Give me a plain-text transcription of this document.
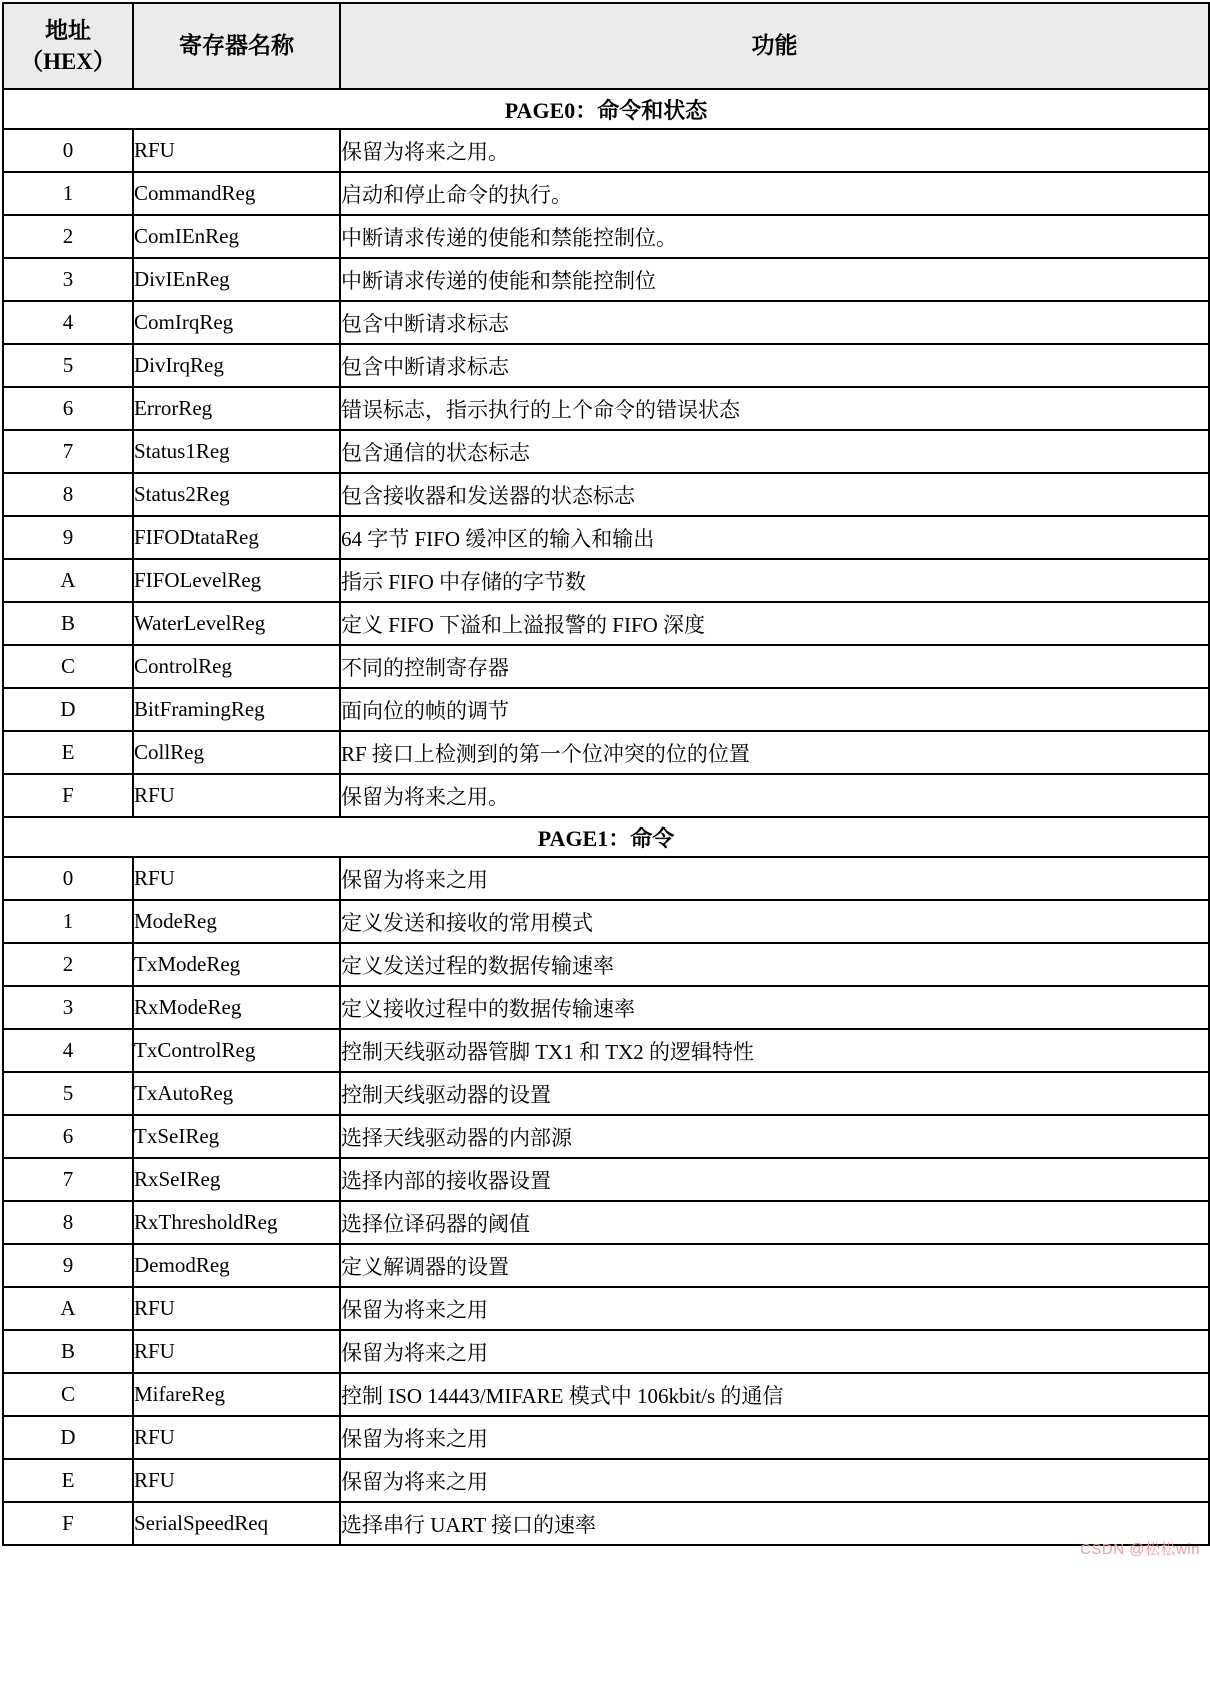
地址
（HEX）	寄存器名称	功能
PAGE0：命令和状态		
0	RFU	保留为将来之用。
1	CommandReg	启动和停止命令的执行。
2	ComIEnReg	中断请求传递的使能和禁能控制位。
3	DivIEnReg	中断请求传递的使能和禁能控制位
4	ComIrqReg	包含中断请求标志
5	DivIrqReg	包含中断请求标志
6	ErrorReg	错误标志，指示执行的上个命令的错误状态
7	Status1Reg	包含通信的状态标志
8	Status2Reg	包含接收器和发送器的状态标志
9	FIFODtataReg	64 字节 FIFO 缓冲区的输入和输出
A	FIFOLevelReg	指示 FIFO 中存储的字节数
B	WaterLevelReg	定义 FIFO 下溢和上溢报警的 FIFO 深度
C	ControlReg	不同的控制寄存器
D	BitFramingReg	面向位的帧的调节
E	CollReg	RF 接口上检测到的第一个位冲突的位的位置
F	RFU	保留为将来之用。
PAGE1：命令		
0	RFU	保留为将来之用
1	ModeReg	定义发送和接收的常用模式
2	TxModeReg	定义发送过程的数据传输速率
3	RxModeReg	定义接收过程中的数据传输速率
4	TxControlReg	控制天线驱动器管脚 TX1 和 TX2 的逻辑特性
5	TxAutoReg	控制天线驱动器的设置
6	TxSeIReg	选择天线驱动器的内部源
7	RxSeIReg	选择内部的接收器设置
8	RxThresholdReg	选择位译码器的阈值
9	DemodReg	定义解调器的设置
A	RFU	保留为将来之用
B	RFU	保留为将来之用
C	MifareReg	控制 ISO 14443/MIFARE 模式中 106kbit/s 的通信
D	RFU	保留为将来之用
E	RFU	保留为将来之用
F	SerialSpeedReq	选择串行 UART 接口的速率
CSDN @松松win
